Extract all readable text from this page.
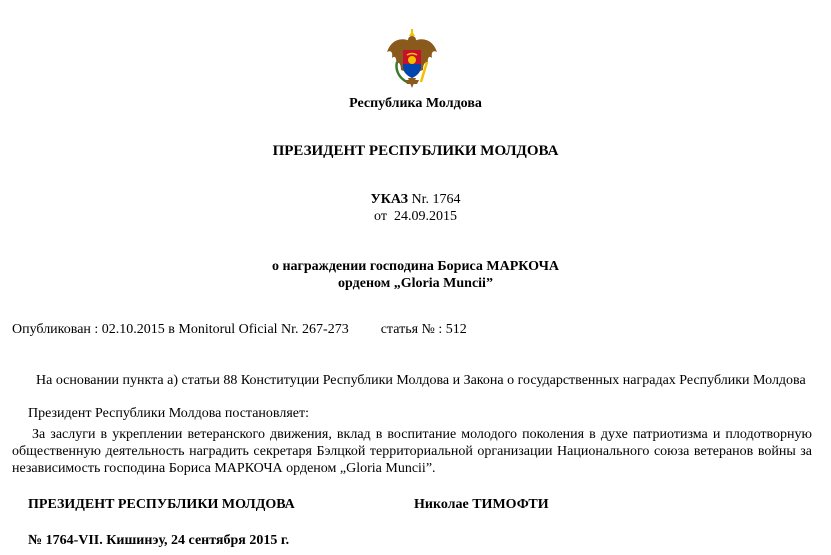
Республика Молдова
ПРЕЗИДЕНТ РЕСПУБЛИКИ МОЛДОВА
УКАЗ Nr. 1764
от 24.09.2015
о награждении господина Бориса МАРКОЧА
орденом „Gloria Muncii”
Опубликован : 02.10.2015 в Monitorul Oficial Nr. 267-273 статья № : 512
На основании пункта а) статьи 88 Конституции Республики Молдова и Закона о государственных наградах Республики Молдова
Президент Республики Молдова постановляет:
За заслуги в укреплении ветеранского движения, вклад в воспитание молодого поколения в духе патриотизма и плодотворную общественную деятельность наградить секретаря Бэлцкой территориальной организации Национального союза ветеранов войны за независимость господина Бориса МАРКОЧА орденом „Gloria Muncii”.
ПРЕЗИДЕНТ РЕСПУБЛИКИ МОЛДОВА	Николае ТИМОФТИ
№ 1764-VII. Кишинэу, 24 сентября 2015 г.
